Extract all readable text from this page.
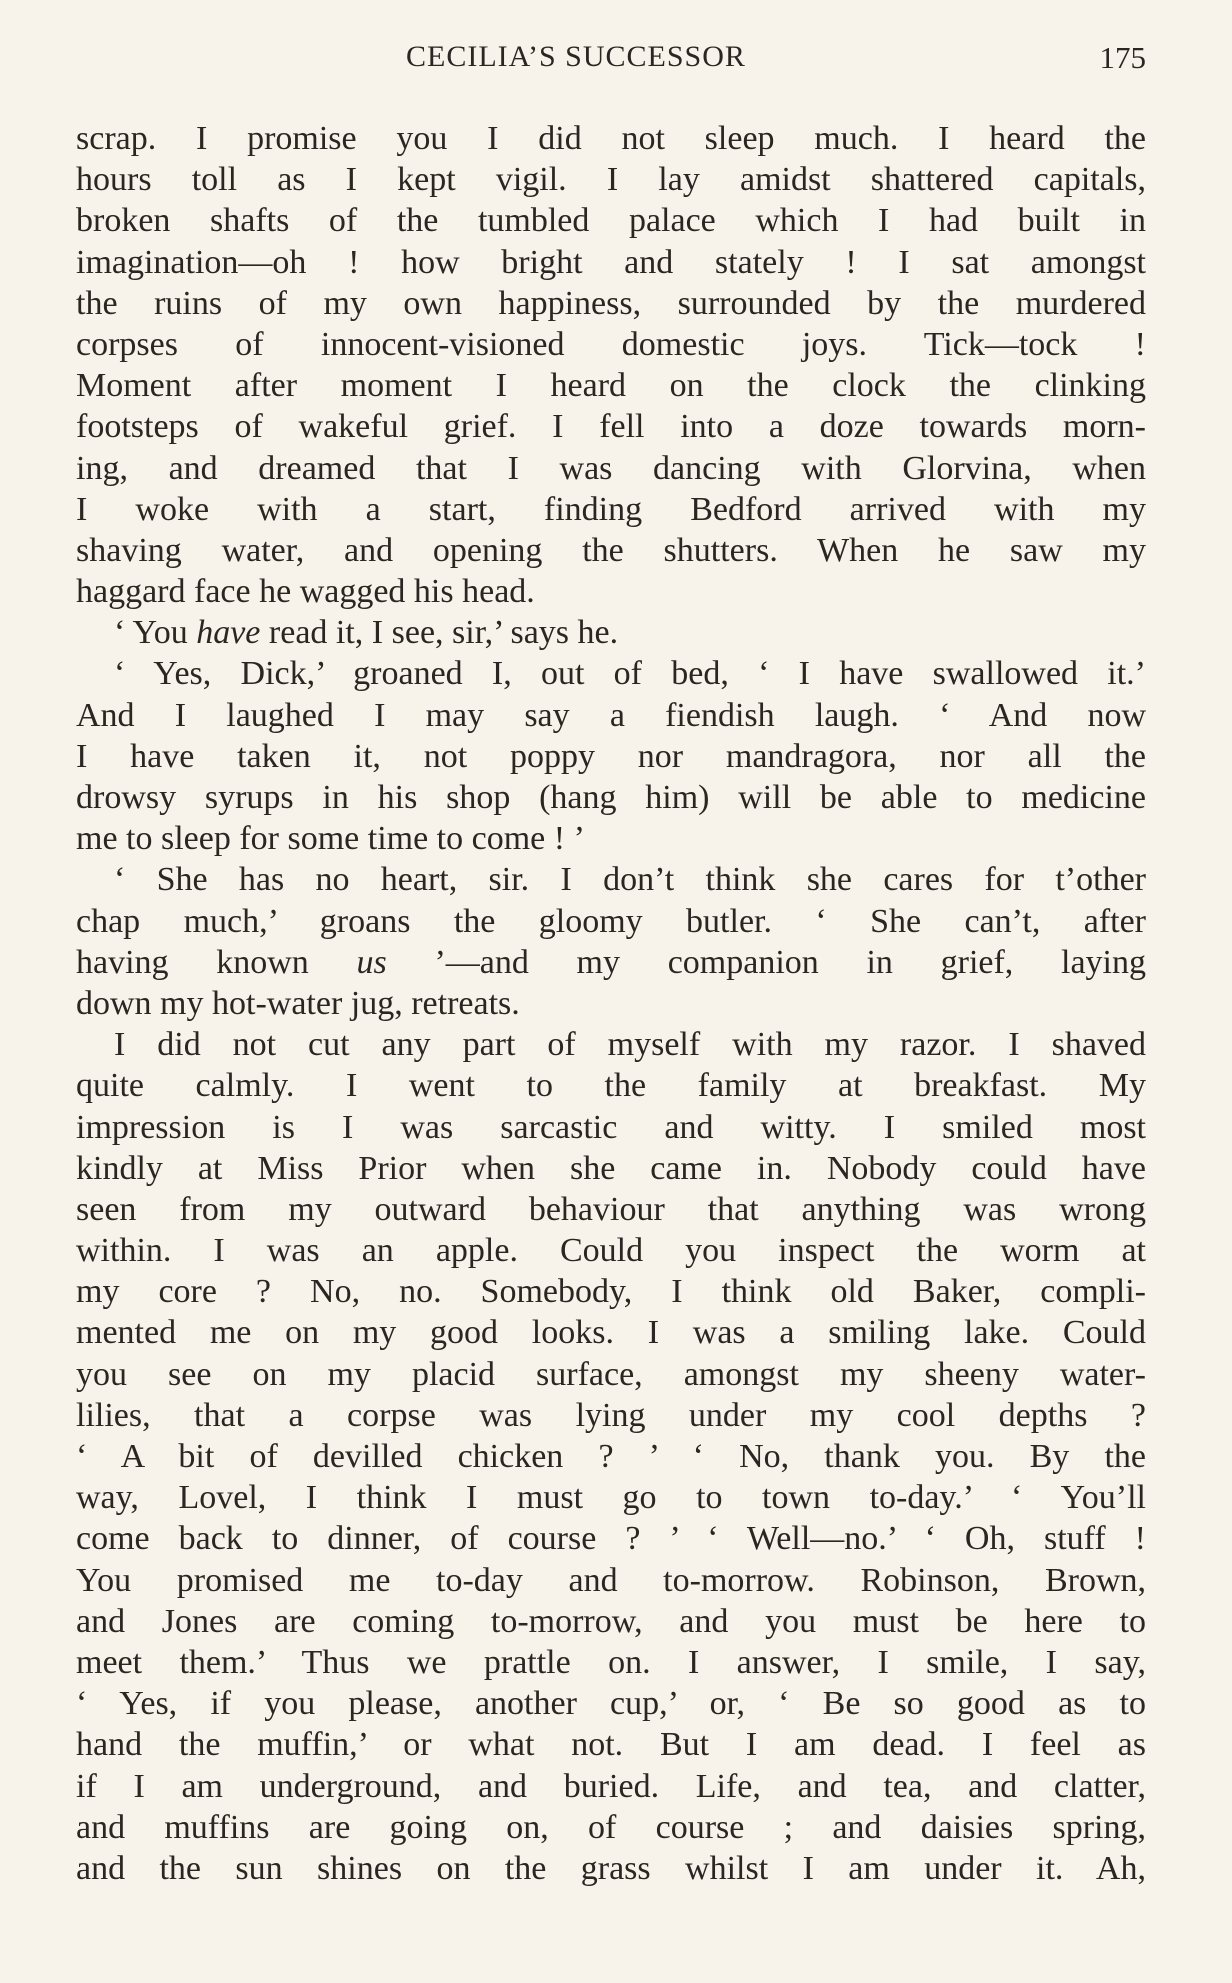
CECILIA’S SUCCESSOR	175
scrap. I promise you I did not sleep much. I heard the
hours toll as I kept vigil. I lay amidst shattered capitals,
broken shafts of the tumbled palace which I had built in
imagination—oh ! how bright and stately ! I sat amongst
the ruins of my own happiness, surrounded by the murdered
corpses of innocent-visioned domestic joys. Tick—tock !
Moment after moment I heard on the clock the clinking
footsteps of wakeful grief. I fell into a doze towards morn-
ing, and dreamed that I was dancing with Glorvina, when
I woke with a start, finding Bedford arrived with my
shaving water, and opening the shutters. When he saw my
haggard face he wagged his head.
‘ You have read it, I see, sir,’ says he.
‘ Yes, Dick,’ groaned I, out of bed, ‘ I have swallowed it.’
And I laughed I may say a fiendish laugh. ‘ And now
I have taken it, not poppy nor mandragora, nor all the
drowsy syrups in his shop (hang him) will be able to medicine
me to sleep for some time to come ! ’
‘ She has no heart, sir. I don’t think she cares for t’other
chap much,’ groans the gloomy butler. ‘ She can’t, after
having known us ’—and my companion in grief, laying
down my hot-water jug, retreats.
I did not cut any part of myself with my razor. I shaved
quite calmly. I went to the family at breakfast. My
impression is I was sarcastic and witty. I smiled most
kindly at Miss Prior when she came in. Nobody could have
seen from my outward behaviour that anything was wrong
within. I was an apple. Could you inspect the worm at
my core ? No, no. Somebody, I think old Baker, compli-
mented me on my good looks. I was a smiling lake. Could
you see on my placid surface, amongst my sheeny water-
lilies, that a corpse was lying under my cool depths ?
‘ A bit of devilled chicken ? ’ ‘ No, thank you. By the
way, Lovel, I think I must go to town to-day.’ ‘ You’ll
come back to dinner, of course ? ’ ‘ Well—no.’ ‘ Oh, stuff !
You promised me to-day and to-morrow. Robinson, Brown,
and Jones are coming to-morrow, and you must be here to
meet them.’ Thus we prattle on. I answer, I smile, I say,
‘ Yes, if you please, another cup,’ or, ‘ Be so good as to
hand the muffin,’ or what not. But I am dead. I feel as
if I am underground, and buried. Life, and tea, and clatter,
and muffins are going on, of course ; and daisies spring,
and the sun shines on the grass whilst I am under it. Ah,
